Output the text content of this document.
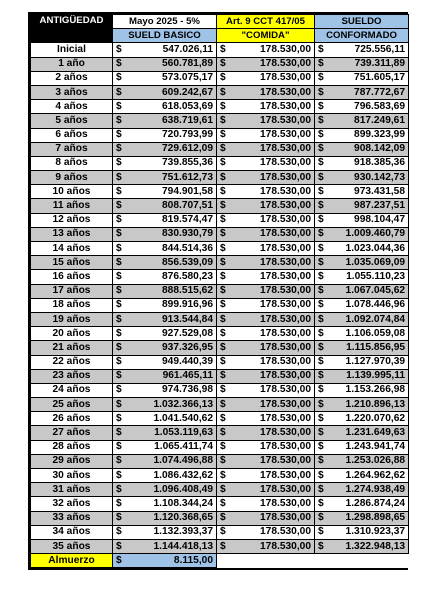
ANTIGÜEDAD	Mayo 2025 - 5%		Art. 9 CCT 417/05		SUELDO	
	SUELD BASICO		"COMIDA"		CONFORMADO	
Inicial	$	547.026,11	$	178.530,00	$	725.556,11
1 año	$	560.781,89	$	178.530,00	$	739.311,89
2 años	$	573.075,17	$	178.530,00	$	751.605,17
3 años	$	609.242,67	$	178.530,00	$	787.772,67
4 años	$	618.053,69	$	178.530,00	$	796.583,69
5 años	$	638.719,61	$	178.530,00	$	817.249,61
6 años	$	720.793,99	$	178.530,00	$	899.323,99
7 años	$	729.612,09	$	178.530,00	$	908.142,09
8 años	$	739.855,36	$	178.530,00	$	918.385,36
9 años	$	751.612,73	$	178.530,00	$	930.142,73
10 años	$	794.901,58	$	178.530,00	$	973.431,58
11 años	$	808.707,51	$	178.530,00	$	987.237,51
12 años	$	819.574,47	$	178.530,00	$	998.104,47
13 años	$	830.930,79	$	178.530,00	$	1.009.460,79
14 años	$	844.514,36	$	178.530,00	$	1.023.044,36
15 años	$	856.539,09	$	178.530,00	$	1.035.069,09
16 años	$	876.580,23	$	178.530,00	$	1.055.110,23
17 años	$	888.515,62	$	178.530,00	$	1.067.045,62
18 años	$	899.916,96	$	178.530,00	$	1.078.446,96
19 años	$	913.544,84	$	178.530,00	$	1.092.074,84
20 años	$	927.529,08	$	178.530,00	$	1.106.059,08
21 años	$	937.326,95	$	178.530,00	$	1.115.856,95
22 años	$	949.440,39	$	178.530,00	$	1.127.970,39
23 años	$	961.465,11	$	178.530,00	$	1.139.995,11
24 años	$	974.736,98	$	178.530,00	$	1.153.266,98
25 años	$	1.032.366,13	$	178.530,00	$	1.210.896,13
26 años	$	1.041.540,62	$	178.530,00	$	1.220.070,62
27 años	$	1.053.119,63	$	178.530,00	$	1.231.649,63
28 años	$	1.065.411,74	$	178.530,00	$	1.243.941,74
29 años	$	1.074.496,88	$	178.530,00	$	1.253.026,88
30 años	$	1.086.432,62	$	178.530,00	$	1.264.962,62
31 años	$	1.096.408,49	$	178.530,00	$	1.274.938,49
32 años	$	1.108.344,24	$	178.530,00	$	1.286.874,24
33 años	$	1.120.368,65	$	178.530,00	$	1.298.898,65
34 años	$	1.132.393,37	$	178.530,00	$	1.310.923,37
35 años	$	1.144.418,13	$	178.530,00	$	1.322.948,13
Almuerzo	$	8.115,00				
